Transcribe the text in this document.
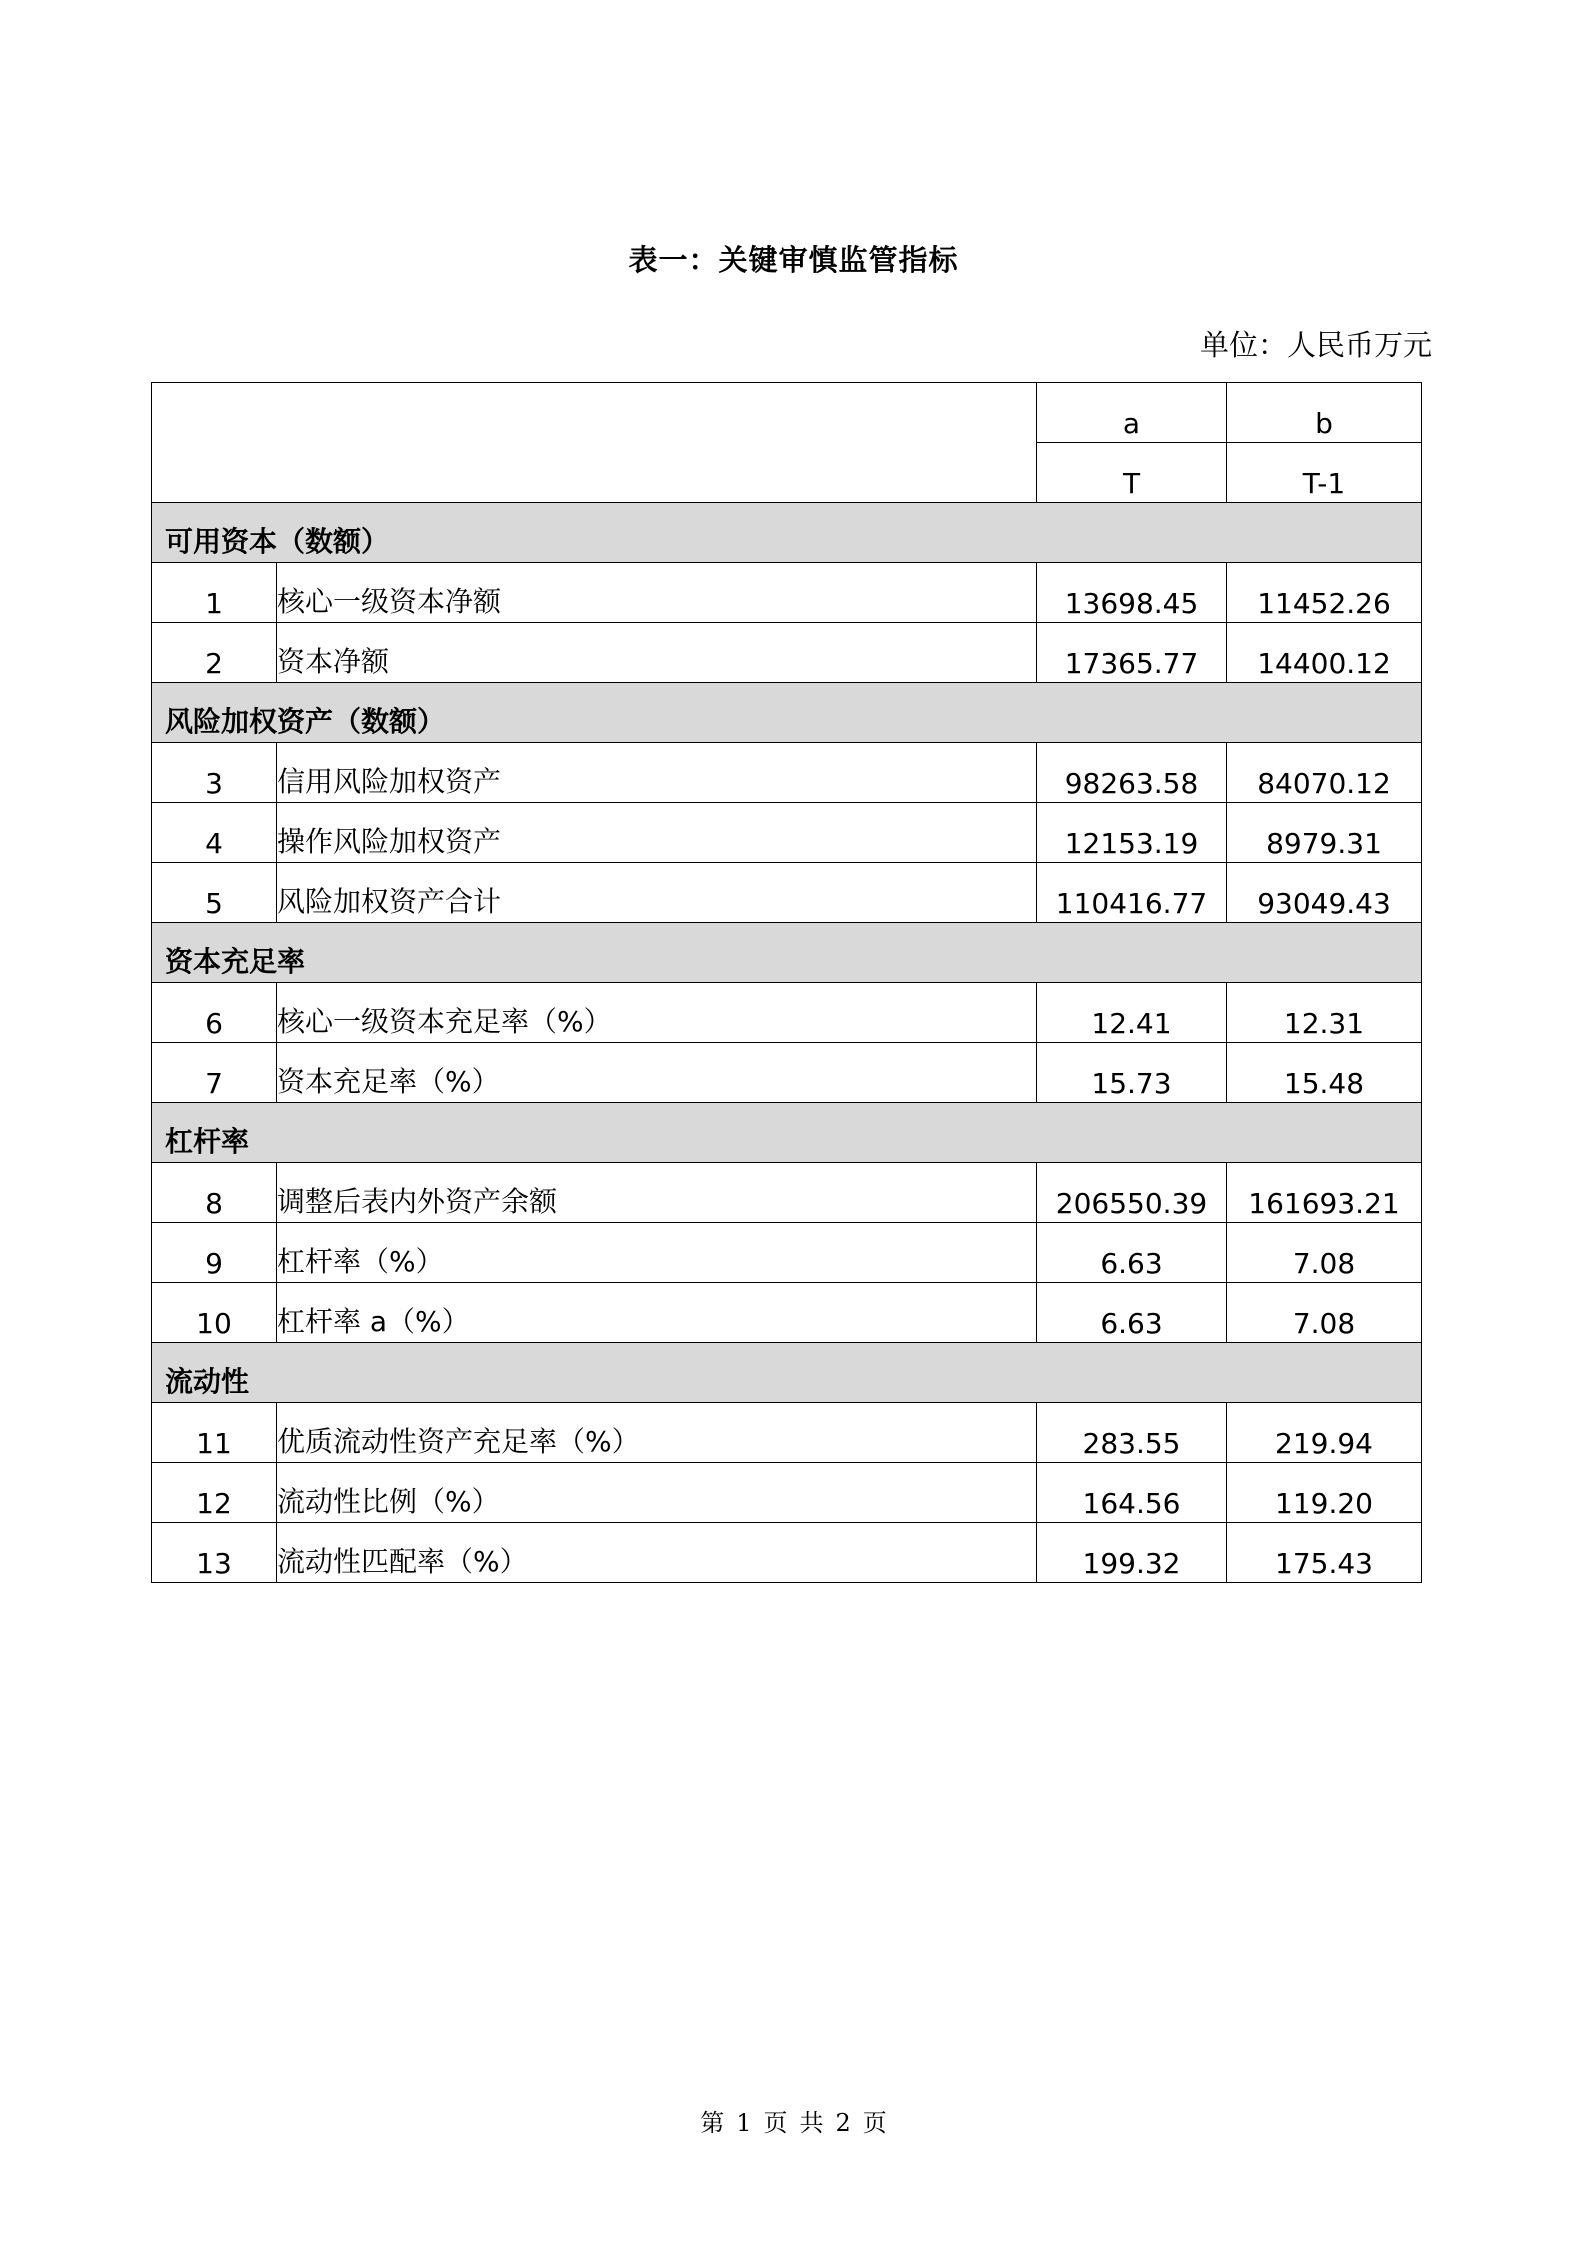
表一：关键审慎监管指标
单位：人民币万元
		a	b
		T	T-1
可用资本（数额）			
1	核心一级资本净额	13698.45	11452.26
2	资本净额	17365.77	14400.12
风险加权资产（数额）			
3	信用风险加权资产	98263.58	84070.12
4	操作风险加权资产	12153.19	8979.31
5	风险加权资产合计	110416.77	93049.43
资本充足率			
6	核心一级资本充足率（%）	12.41	12.31
7	资本充足率（%）	15.73	15.48
杠杆率			
8	调整后表内外资产余额	206550.39	161693.21
9	杠杆率（%）	6.63	7.08
10	杠杆率 a（%）	6.63	7.08
流动性			
11	优质流动性资产充足率（%）	283.55	219.94
12	流动性比例（%）	164.56	119.20
13	流动性匹配率（%）	199.32	175.43
第 1 页 共 2 页
